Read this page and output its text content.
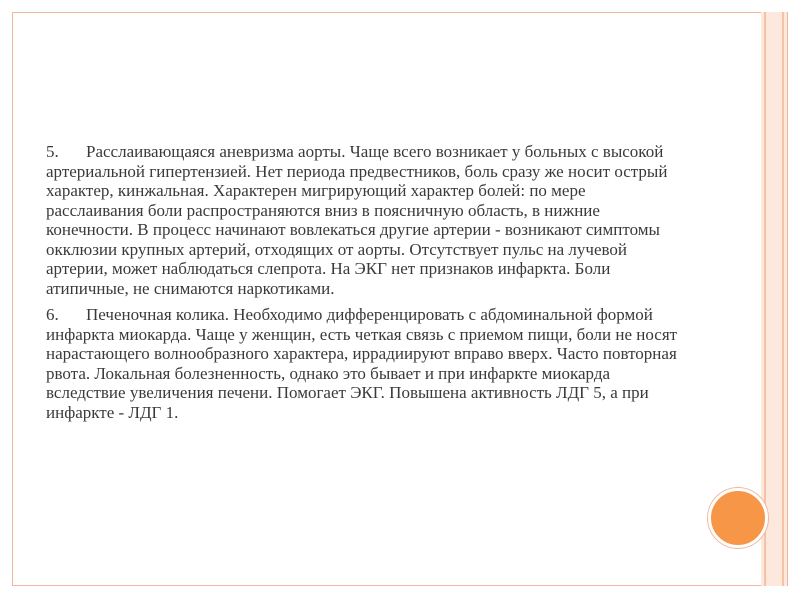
5. Расслаивающаяся аневризма аорты. Чаще всего возникает у больных с высокой артериальной гипертензией. Нет периода предвестников, боль сразу же носит острый характер, кинжальная. Характерен мигрирующий характер болей: по мере расслаивания боли распространяются вниз в поясничную область, в нижние конечности. В процесс начинают вовлекаться другие артерии - возникают симптомы окклюзии крупных артерий, отходящих от аорты. Отсутствует пульс на лучевой артерии, может наблюдаться слепрота. На ЭКГ нет признаков инфаркта. Боли атипичные, не снимаются наркотиками.

6. Печеночная колика. Необходимо дифференцировать с абдоминальной формой инфаркта миокарда. Чаще у женщин, есть четкая связь с приемом пищи, боли не носят нарастающего волнообразного характера, иррадиируют вправо вверх. Часто повторная рвота. Локальная болезненность, однако это бывает и при инфаркте миокарда вследствие увеличения печени. Помогает ЭКГ. Повышена активность ЛДГ 5, а при инфаркте - ЛДГ 1.
